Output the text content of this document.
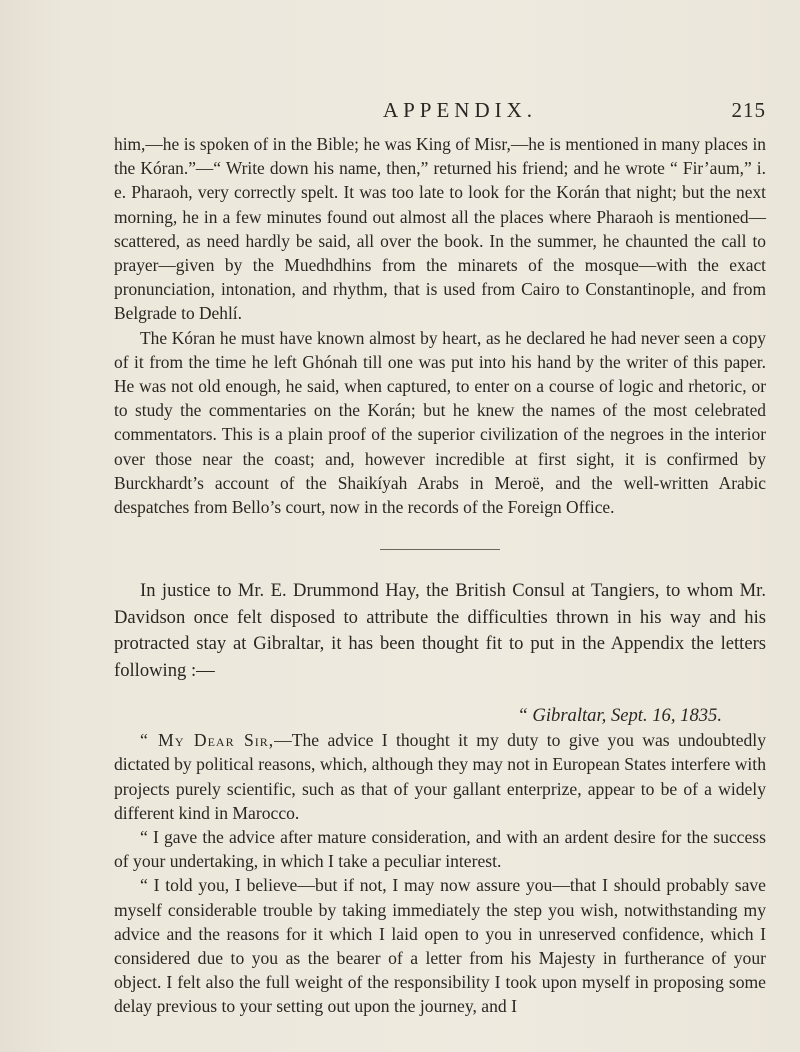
APPENDIX.	215

him,—he is spoken of in the Bible; he was King of Misr,—he is mentioned in many places in the Kóran.”—“ Write down his name, then,” returned his friend; and he wrote “ Fir’aum,” i. e. Pharaoh, very correctly spelt. It was too late to look for the Korán that night; but the next morning, he in a few minutes found out almost all the places where Pharaoh is mentioned—scattered, as need hardly be said, all over the book. In the summer, he chaunted the call to prayer—given by the Muedhdhins from the minarets of the mosque—with the exact pronunciation, intonation, and rhythm, that is used from Cairo to Constantinople, and from Belgrade to Dehlí.

The Kóran he must have known almost by heart, as he declared he had never seen a copy of it from the time he left Ghónah till one was put into his hand by the writer of this paper. He was not old enough, he said, when captured, to enter on a course of logic and rhetoric, or to study the commentaries on the Korán; but he knew the names of the most celebrated commentators. This is a plain proof of the superior civilization of the negroes in the interior over those near the coast; and, however incredible at first sight, it is confirmed by Burckhardt’s account of the Shaikíyah Arabs in Meroë, and the well-written Arabic despatches from Bello’s court, now in the records of the Foreign Office.

In justice to Mr. E. Drummond Hay, the British Consul at Tangiers, to whom Mr. Davidson once felt disposed to attribute the difficulties thrown in his way and his protracted stay at Gibraltar, it has been thought fit to put in the Appendix the letters following :—

“ Gibraltar, Sept. 16, 1835.

“ My Dear Sir,—The advice I thought it my duty to give you was undoubtedly dictated by political reasons, which, although they may not in European States interfere with projects purely scientific, such as that of your gallant enterprize, appear to be of a widely different kind in Marocco.

“ I gave the advice after mature consideration, and with an ardent desire for the success of your undertaking, in which I take a peculiar interest.

“ I told you, I believe—but if not, I may now assure you—that I should probably save myself considerable trouble by taking immediately the step you wish, notwithstanding my advice and the reasons for it which I laid open to you in unreserved confidence, which I considered due to you as the bearer of a letter from his Majesty in furtherance of your object. I felt also the full weight of the responsibility I took upon myself in proposing some delay previous to your setting out upon the journey, and I
